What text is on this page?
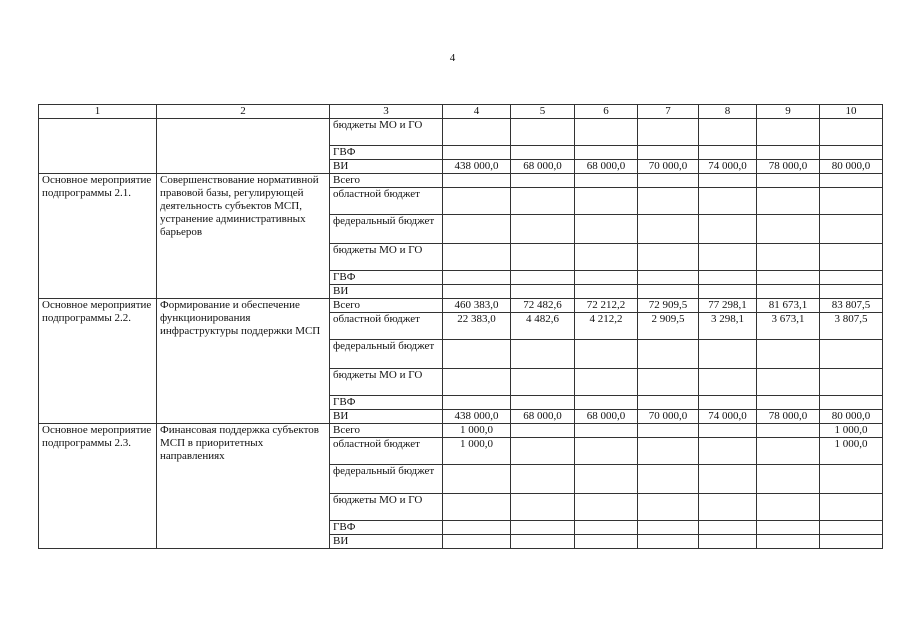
4
1	2	3	4	5	6	7	8	9	10
		бюджеты МО и ГО							
		ГВФ							
		ВИ	438 000,0	68 000,0	68 000,0	70 000,0	74 000,0	78 000,0	80 000,0
Основное мероприятие подпрограммы 2.1.	Совершенствование нормативной правовой базы, регулирующей деятельность субъектов МСП, устранение административных барьеров	Всего							
		областной бюджет							
		федеральный бюджет							
		бюджеты МО и ГО							
		ГВФ							
		ВИ							
Основное мероприятие подпрограммы 2.2.	Формирование и обеспечение функционирования инфраструктуры поддержки МСП	Всего	460 383,0	72 482,6	72 212,2	72 909,5	77 298,1	81 673,1	83 807,5
		областной бюджет	22 383,0	4 482,6	4 212,2	2 909,5	3 298,1	3 673,1	3 807,5
		федеральный бюджет							
		бюджеты МО и ГО							
		ГВФ							
		ВИ	438 000,0	68 000,0	68 000,0	70 000,0	74 000,0	78 000,0	80 000,0
Основное мероприятие подпрограммы 2.3.	Финансовая поддержка субъектов МСП в приоритетных направлениях	Всего	1 000,0						1 000,0
		областной бюджет	1 000,0						1 000,0
		федеральный бюджет							
		бюджеты МО и ГО							
		ГВФ							
		ВИ							
